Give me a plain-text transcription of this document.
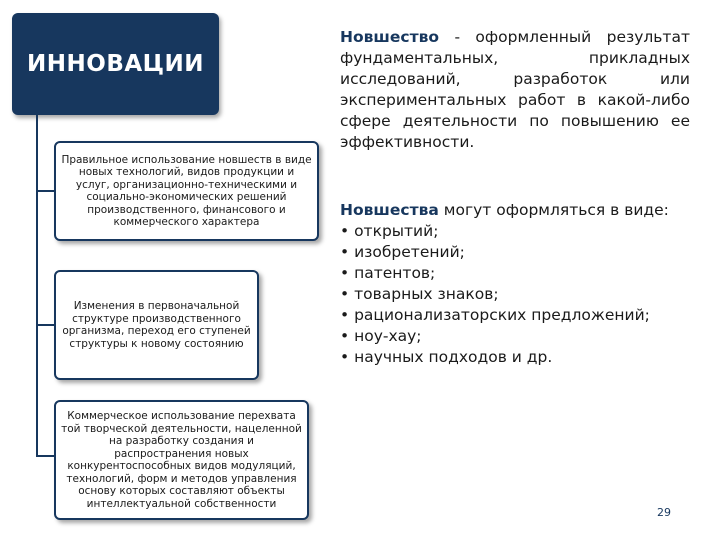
ИННОВАЦИИ
Правильное использование новшеств в виде новых технологий, видов продукции и услуг, организационно-техническими и социально-экономических решений производственного, финансового и коммерческого характера
Изменения в первоначальной структуре производственного организма, переход его ступеней структуры к новому состоянию
Коммерческое использование перехвата той творческой деятельности, нацеленной на разработку создания и распространения новых конкурентоспособных видов модуляций, технологий, форм и методов управления основу которых составляют объекты интеллектуальной собственности
Новшество - оформленный результат фундаментальных, прикладных исследований, разработок или экспериментальных работ в какой-либо сфере деятельности по повышению ее эффективности.
Новшества могут оформляться в виде:
• открытий;
• изобретений;
• патентов;
• товарных знаков;
• рационализаторских предложений;
• ноу-хау;
• научных подходов и др.
29
